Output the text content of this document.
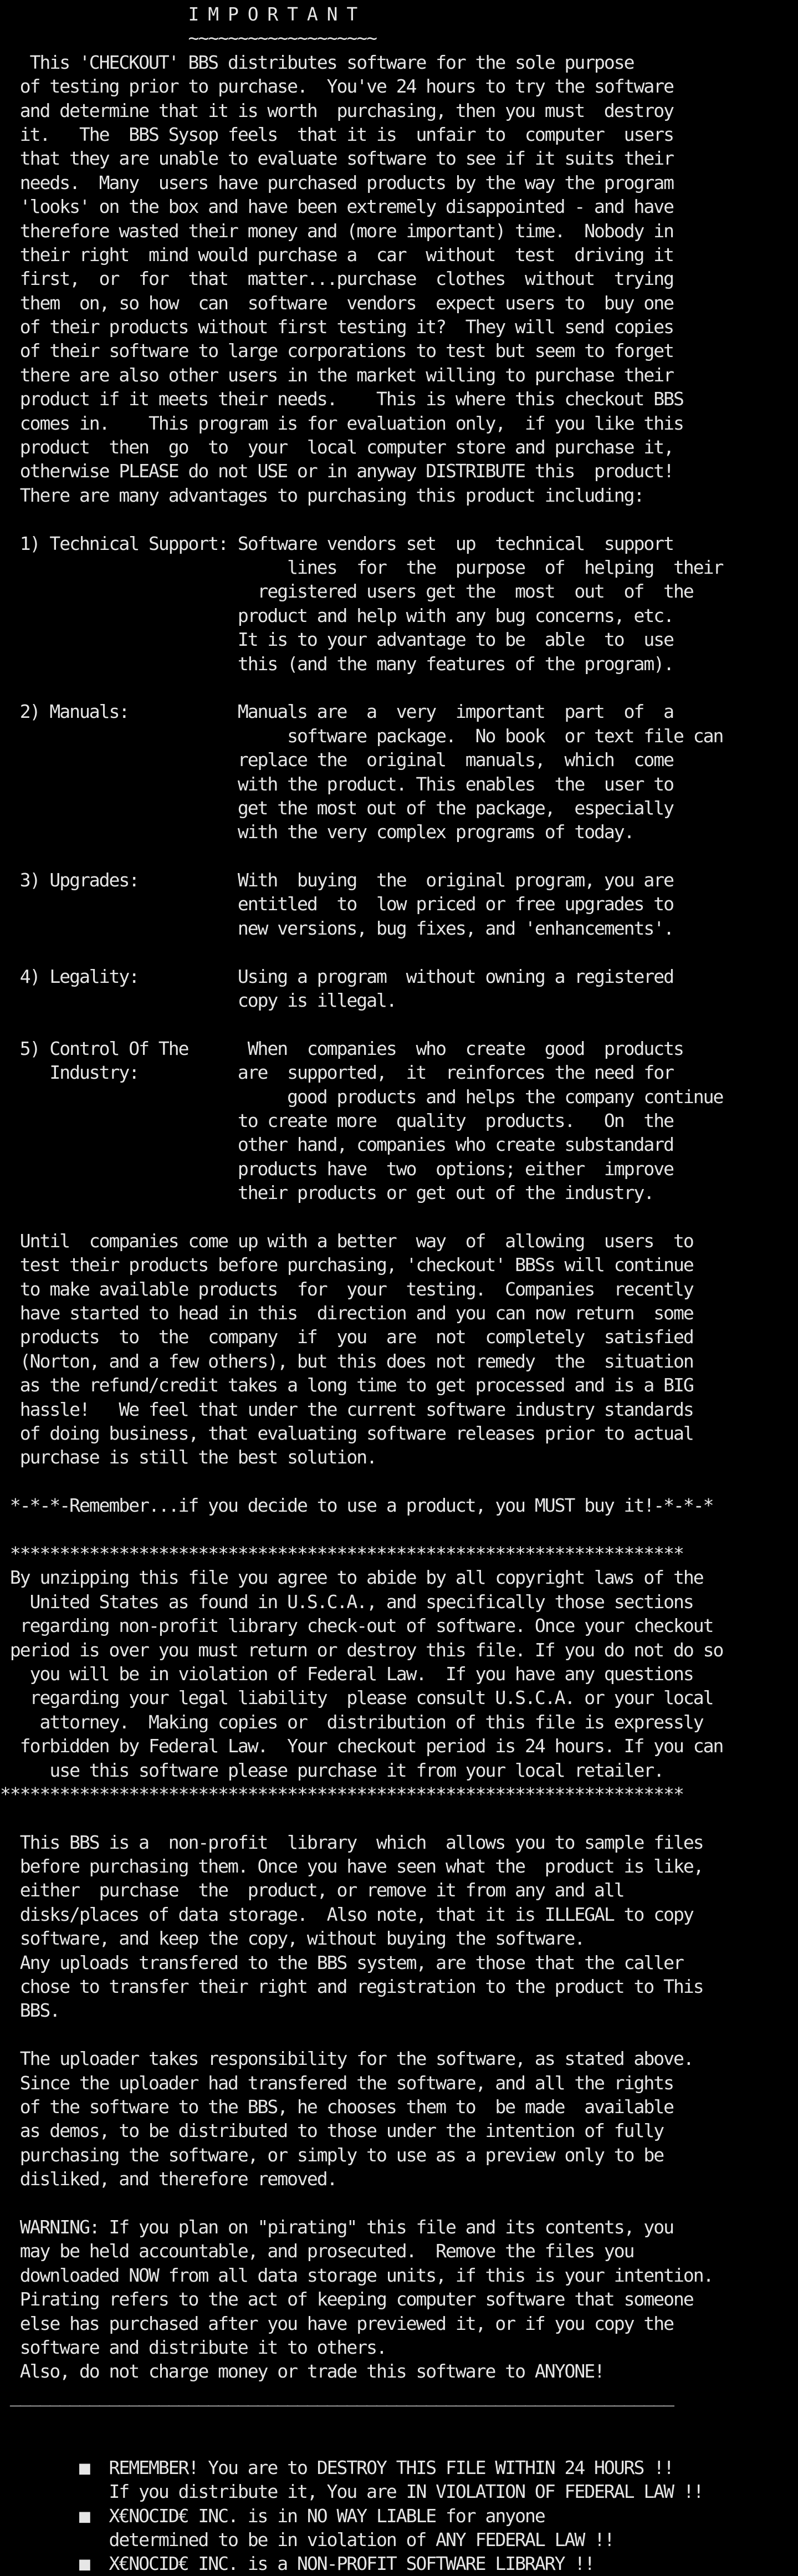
I M P O R T A N T
~~~~~~~~~~~~~~~~~~~
This 'CHECKOUT' BBS distributes software for the sole purpose
of testing prior to purchase.  You've 24 hours to try the software
and determine that it is worth  purchasing, then you must  destroy
it.   The  BBS Sysop feels  that it is  unfair to  computer  users
that they are unable to evaluate software to see if it suits their
needs.  Many  users have purchased products by the way the program
'looks' on the box and have been extremely disappointed - and have
therefore wasted their money and (more important) time.  Nobody in
their right  mind would purchase a  car  without  test  driving it
first,  or  for  that  matter...purchase  clothes  without  trying
them  on, so how  can  software  vendors  expect users to  buy one
of their products without first testing it?  They will send copies
of their software to large corporations to test but seem to forget
there are also other users in the market willing to purchase their
product if it meets their needs.    This is where this checkout BBS
comes in.    This program is for evaluation only,  if you like this
product  then  go  to  your  local computer store and purchase it,
otherwise PLEASE do not USE or in anyway DISTRIBUTE this  product!
There are many advantages to purchasing this product including:

1) Technical Support: Software vendors set  up  technical  support
lines  for  the  purpose  of  helping  their
registered users get the  most  out  of  the
product and help with any bug concerns, etc.
It is to your advantage to be  able  to  use
this (and the many features of the program).

2) Manuals:           Manuals are  a  very  important  part  of  a
software package.  No book  or text file can
replace the  original  manuals,  which  come
with the product. This enables  the  user to
get the most out of the package,  especially
with the very complex programs of today.

3) Upgrades:          With  buying  the  original program, you are
entitled  to  low priced or free upgrades to
new versions, bug fixes, and 'enhancements'.

4) Legality:          Using a program  without owning a registered
copy is illegal.

5) Control Of The      When  companies  who  create  good  products
Industry:          are  supported,  it  reinforces the need for
good products and helps the company continue
to create more  quality  products.   On  the
other hand, companies who create substandard
products have  two  options; either  improve
their products or get out of the industry.

Until  companies come up with a better  way  of  allowing  users  to
test their products before purchasing, 'checkout' BBSs will continue
to make available products  for  your  testing.  Companies  recently
have started to head in this  direction and you can now return  some
products  to  the  company  if  you  are  not  completely  satisfied
(Norton, and a few others), but this does not remedy  the  situation
as the refund/credit takes a long time to get processed and is a BIG
hassle!   We feel that under the current software industry standards
of doing business, that evaluating software releases prior to actual
purchase is still the best solution.

*-*-*-Remember...if you decide to use a product, you MUST buy it!-*-*-*

********************************************************************
By unzipping this file you agree to abide by all copyright laws of the
United States as found in U.S.C.A., and specifically those sections
regarding non-profit library check-out of software. Once your checkout
period is over you must return or destroy this file. If you do not do so
you will be in violation of Federal Law.  If you have any questions
regarding your legal liability  please consult U.S.C.A. or your local
attorney.  Making copies or  distribution of this file is expressly
forbidden by Federal Law.  Your checkout period is 24 hours. If you can
use this software please purchase it from your local retailer.
*********************************************************************

This BBS is a  non-profit  library  which  allows you to sample files
before purchasing them. Once you have seen what the  product is like,
either  purchase  the  product, or remove it from any and all
disks/places of data storage.  Also note, that it is ILLEGAL to copy
software, and keep the copy, without buying the software.
Any uploads transfered to the BBS system, are those that the caller
chose to transfer their right and registration to the product to This
BBS.

The uploader takes responsibility for the software, as stated above.
Since the uploader had transfered the software, and all the rights
of the software to the BBS, he chooses them to  be made  available
as demos, to be distributed to those under the intention of fully
purchasing the software, or simply to use as a preview only to be
disliked, and therefore removed.

WARNING: If you plan on "pirating" this file and its contents, you
may be held accountable, and prosecuted.  Remove the files you
downloaded NOW from all data storage units, if this is your intention.
Pirating refers to the act of keeping computer software that someone
else has purchased after you have previewed it, or if you copy the
software and distribute it to others.
Also, do not charge money or trade this software to ANYONE!
___________________________________________________________________

■  REMEMBER! You are to DESTROY THIS FILE WITHIN 24 HOURS !!
If you distribute it, You are IN VIOLATION OF FEDERAL LAW !!
■  X€NOCID€ INC. is in NO WAY LIABLE for anyone
determined to be in violation of ANY FEDERAL LAW !!
■  X€NOCID€ INC. is a NON-PROFIT SOFTWARE LIBRARY !!
